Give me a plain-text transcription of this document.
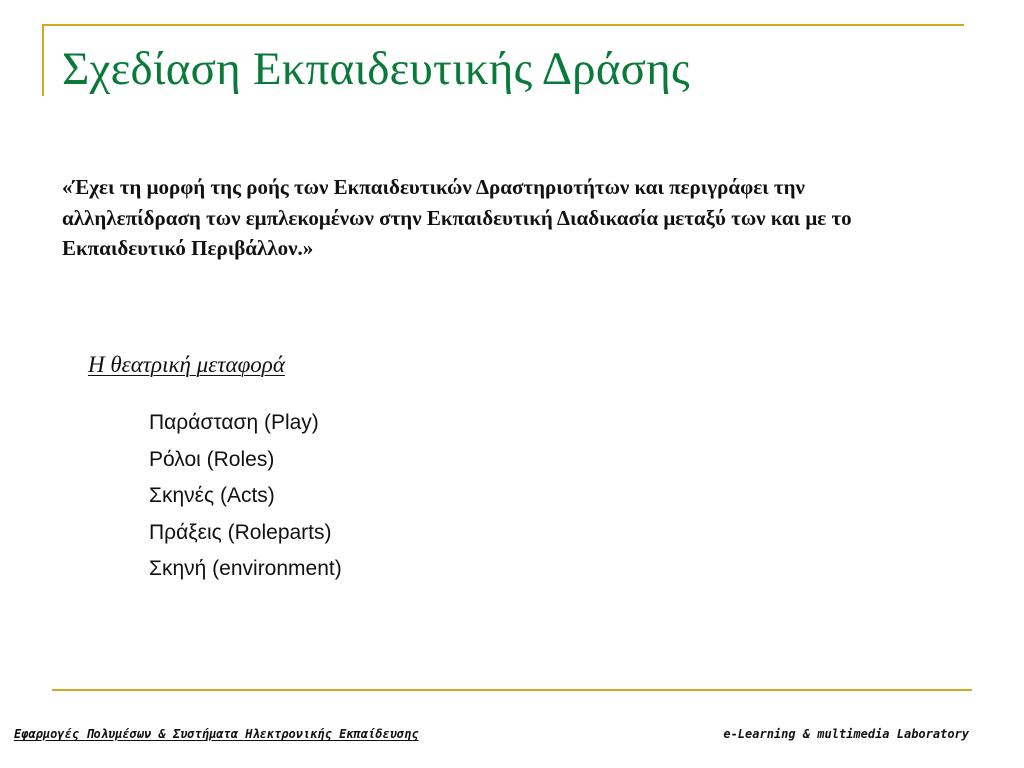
Σχεδίαση Εκπαιδευτικής Δράσης
«Έχει τη μορφή της ροής των Εκπαιδευτικών Δραστηριοτήτων και περιγράφει την αλληλεπίδραση των εμπλεκομένων στην Εκπαιδευτική Διαδικασία μεταξύ των και με το Εκπαιδευτικό Περιβάλλον.»
Η θεατρική μεταφορά
Παράσταση (Play)
Ρόλοι (Roles)
Σκηνές (Acts)
Πράξεις (Roleparts)
Σκηνή (environment)
Εφαρμογές Πολυμέσων & Συστήματα Ηλεκτρονικής Εκπαίδευσης	e-Learning & multimedia Laboratory
